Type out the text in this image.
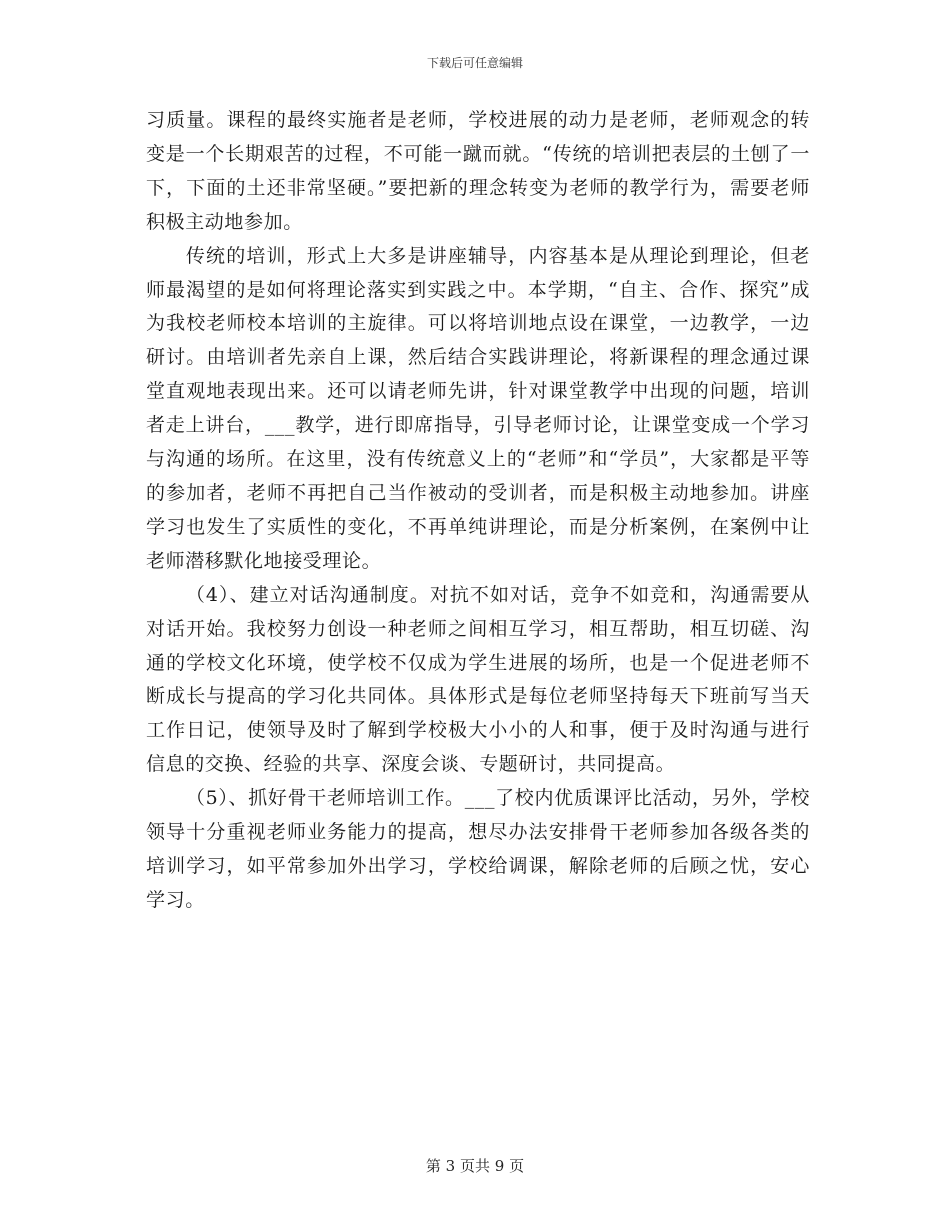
下载后可任意编辑

习质量。课程的最终实施者是老师，学校进展的动力是老师，老师观念的转变是一个长期艰苦的过程，不可能一蹴而就。“传统的培训把表层的土刨了一下，下面的土还非常坚硬。”要把新的理念转变为老师的教学行为，需要老师积极主动地参加。

传统的培训，形式上大多是讲座辅导，内容基本是从理论到理论，但老师最渴望的是如何将理论落实到实践之中。本学期，“自主、合作、探究”成为我校老师校本培训的主旋律。可以将培训地点设在课堂，一边教学，一边研讨。由培训者先亲自上课，然后结合实践讲理论，将新课程的理念通过课堂直观地表现出来。还可以请老师先讲，针对课堂教学中出现的问题，培训者走上讲台，___教学，进行即席指导，引导老师讨论，让课堂变成一个学习与沟通的场所。在这里，没有传统意义上的“老师”和“学员”，大家都是平等的参加者，老师不再把自己当作被动的受训者，而是积极主动地参加。讲座学习也发生了实质性的变化，不再单纯讲理论，而是分析案例，在案例中让老师潜移默化地接受理论。

（4）、建立对话沟通制度。对抗不如对话，竞争不如竞和，沟通需要从对话开始。我校努力创设一种老师之间相互学习，相互帮助，相互切磋、沟通的学校文化环境，使学校不仅成为学生进展的场所，也是一个促进老师不断成长与提高的学习化共同体。具体形式是每位老师坚持每天下班前写当天工作日记，使领导及时了解到学校极大小小的人和事，便于及时沟通与进行信息的交换、经验的共享、深度会谈、专题研讨，共同提高。

（5）、抓好骨干老师培训工作。___了校内优质课评比活动，另外，学校领导十分重视老师业务能力的提高，想尽办法安排骨干老师参加各级各类的培训学习，如平常参加外出学习，学校给调课，解除老师的后顾之忧，安心学习。

第 3 页共 9 页
